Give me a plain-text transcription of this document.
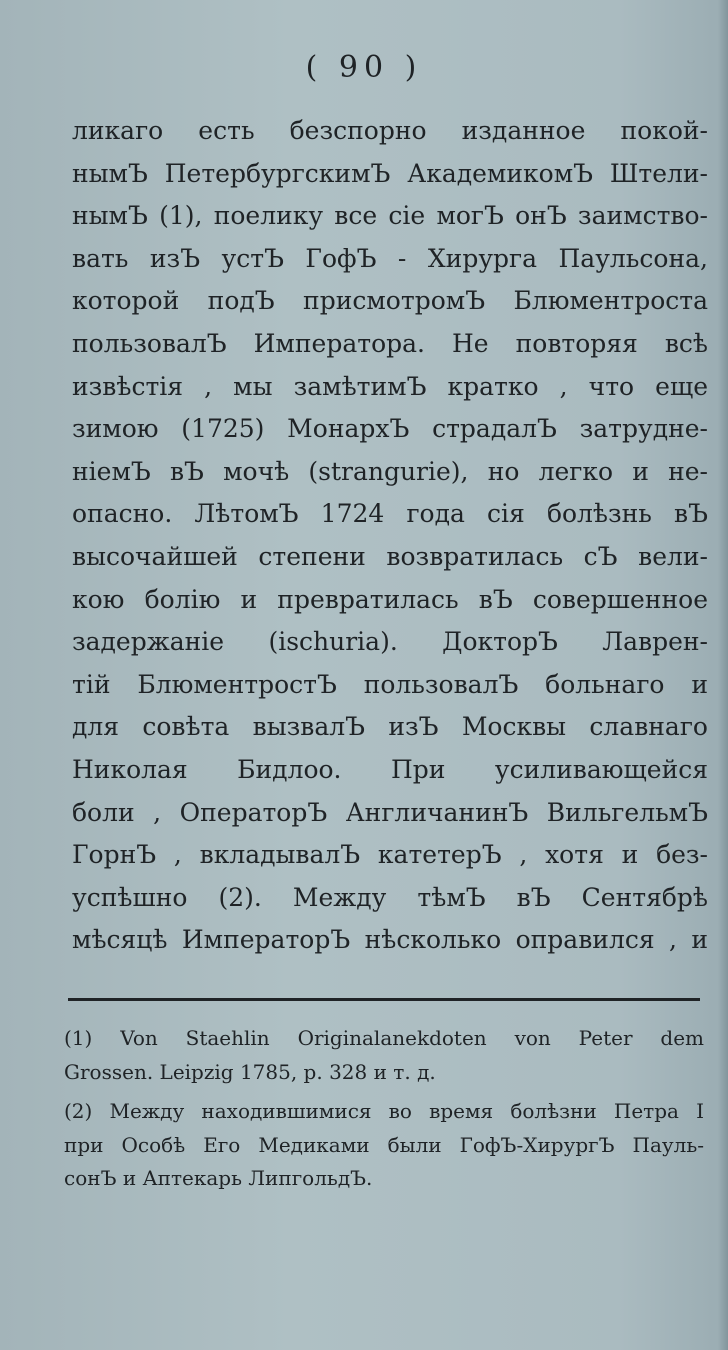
( 90 )
ликаго есть безспорно изданное покой-
нымЪ ПетербургскимЪ АкадемикомЪ Штели-
нымЪ (1), поелику все сіе могЪ онЪ заимство-
вать изЪ устЪ ГофЪ - Хирурга Паульсона,
которой подЪ присмотромЪ Блюментроста
пользовалЪ Императора. Не повторяя всѣ
извѣстія , мы замѣтимЪ кратко , что еще
зимою (1725) МонархЪ страдалЪ затрудне-
ніемЪ вЪ мочѣ (strangurie), но легко и не-
опасно. ЛѣтомЪ 1724 года сія болѣзнь вЪ
высочайшей степени возвратилась сЪ вели-
кою болію и превратилась вЪ совершенное
задержаніе (ischuria). ДокторЪ Лаврен-
тій БлюментростЪ пользовалЪ больнаго и
для совѣта вызвалЪ изЪ Москвы славнаго
Николая Бидлоо. При усиливающейся
боли , ОператорЪ АнгличанинЪ ВильгельмЪ
ГорнЪ , вкладывалЪ катетерЪ , хотя и без-
успѣшно (2). Между тѣмЪ вЪ Сентябрѣ
мѣсяцѣ ИмператорЪ нѣсколько оправился , и
(1) Von Staehlin Originalanekdoten von Peter dem
Grossen. Leipzig 1785, p. 328 и т. д.
(2) Между находившимися во время болѣзни Петра I
при Особѣ Его Медиками были ГофЪ-ХирургЪ Пауль-
сонЪ и Аптекарь ЛипгольдЪ.
